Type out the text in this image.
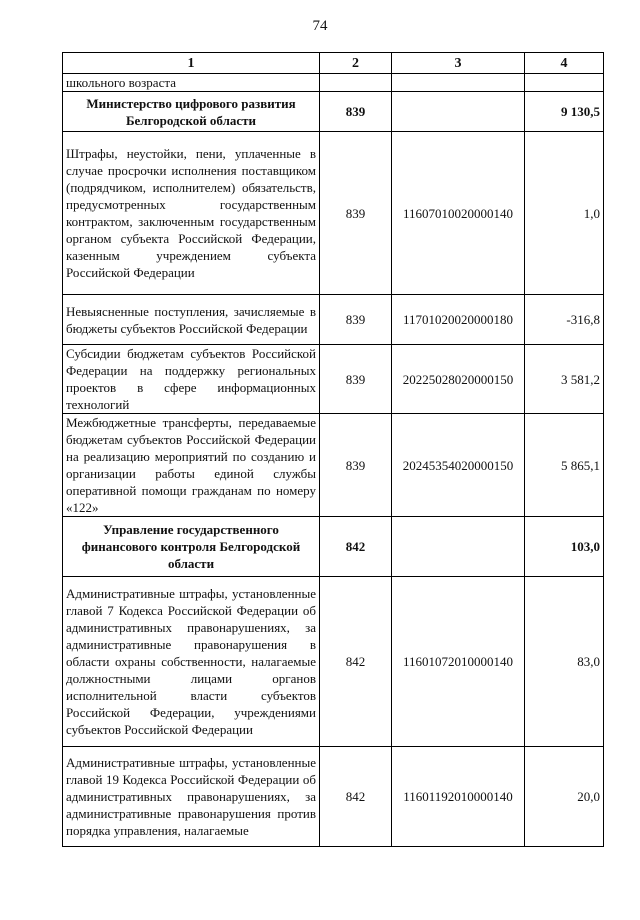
74
1	2	3	4
школьного возраста			
Министерство цифрового развития Белгородской области	839		9 130,5
Штрафы, неустойки, пени, уплаченные в случае просрочки исполнения поставщиком (подрядчиком, исполнителем) обязательств, предусмотренных государственным контрактом, заключенным государственным органом субъекта Российской Федерации, казенным учреждением субъекта Российской Федерации	839	11607010020000140	1,0
Невыясненные поступления, зачисляемые в бюджеты субъектов Российской Федерации	839	11701020020000180	-316,8
Субсидии бюджетам субъектов Российской Федерации на поддержку региональных проектов в сфере информационных технологий	839	20225028020000150	3 581,2
Межбюджетные трансферты, передаваемые бюджетам субъектов Российской Федерации на реализацию мероприятий по созданию и организации работы единой службы оперативной помощи гражданам по номеру «122»	839	20245354020000150	5 865,1
Управление государственного финансового контроля Белгородской области	842		103,0
Административные штрафы, установленные главой 7 Кодекса Российской Федерации об административных правонарушениях, за административные правонарушения в области охраны собственности, налагаемые должностными лицами органов исполнительной власти субъектов Российской Федерации, учреждениями субъектов Российской Федерации	842	11601072010000140	83,0
Административные штрафы, установленные главой 19 Кодекса Российской Федерации об административных правонарушениях, за административные правонарушения против порядка управления, налагаемые	842	11601192010000140	20,0
